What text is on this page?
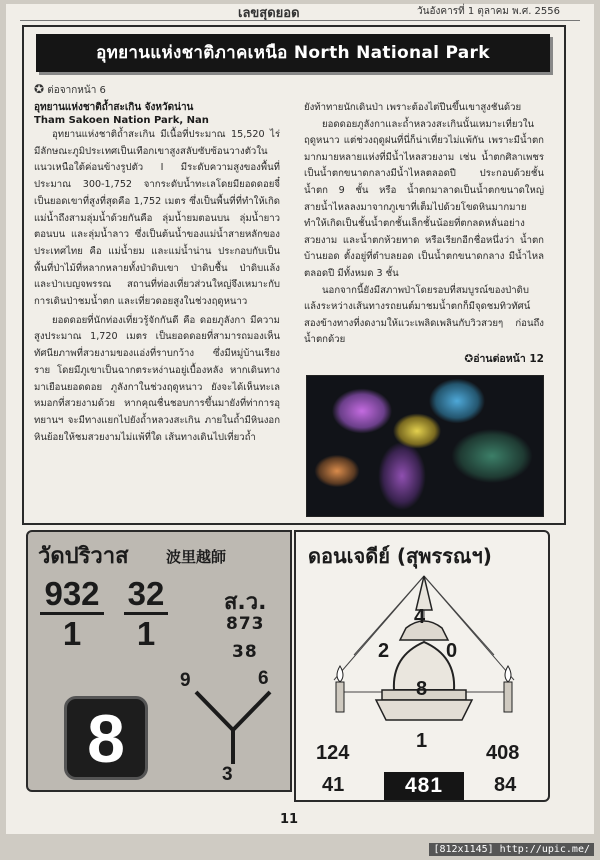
เลขสุดยอด	วันอังคารที่ 1 ตุลาคม พ.ศ. 2556
อุทยานแห่งชาติภาคเหนือ North National Park
✪ ต่อจากหน้า 6
อุทยานแห่งชาติถ้ำสะเกิน จังหวัดน่าน
Tham Sakoen Nation Park, Nan

อุทยานแห่งชาติถ้ำสะเกิน มีเนื้อที่ประมาณ 15,520 ไร่ มีลักษณะภูมิประเทศเป็นเทือกเขาสูงสลับซับซ้อนวางตัวในแนวเหนือใต้ค่อนข้างรูปตัว I มีระดับความสูงของพื้นที่ประมาณ 300-1,752 จากระดับน้ำทะเลโดยมียอดดอยจี๋ เป็นยอดเขาที่สูงที่สุดคือ 1,752 เมตร ซึ่งเป็นพื้นที่ที่ทำให้เกิดแม่น้ำถึงสามลุ่มน้ำด้วยกันคือ ลุ่มน้ำยมตอนบน ลุ่มน้ำยาวตอนบน และลุ่มน้ำลาว ซึ่งเป็นต้นน้ำของแม่น้ำสายหลักของประเทศไทย คือ แม่น้ำยม และแม่น้ำน่าน ประกอบกับเป็นพื้นที่ป่าไม้ที่หลากหลายทั้งป่าดิบเขา ป่าดิบชื้น ป่าดิบแล้ง และป่าเบญจพรรณ สถานที่ท่องเที่ยวส่วนใหญ่จึงเหมาะกับการเดินป่าชมน้ำตก และเที่ยวดอยสูงในช่วงฤดูหนาว

ยอดดอยที่นักท่องเที่ยวรู้จักกันดี คือ ดอยภูลังกา มีความสูงประมาณ 1,720 เมตร เป็นยอดดอยที่สามารถมองเห็นทัศนียภาพที่สวยงามของแอ่งที่ราบกว้าง ซึ่งมีหมู่บ้านเรียงราย โดยมีภูเขาเป็นฉากตระหง่านอยู่เบื้องหลัง หากเดินทางมาเยือนยอดดอย ภูลังกาในช่วงฤดูหนาว ยังจะได้เห็นทะเลหมอกที่สวยงามด้วย หากคุณชื่นชอบการขึ้นมายังที่ท่าการอุทยานฯ จะมีทางแยกไปยังถ้ำหลวงสะเกิน ภายในถ้ำมีหินงอกหินย้อยให้ชมสวยงามไม่แพ้ที่ใด เส้นทางเดินไปเที่ยวถ้ำ

ยังท้าทายนักเดินป่า เพราะต้องไต่ปีนขึ้นเขาสูงชันด้วย

ยอดดอยภูลังกาและถ้ำหลวงสะเกินนั้นเหมาะเที่ยวในฤดูหนาว แต่ช่วงฤดูฝนที่นี่ก็น่าเที่ยวไม่แพ้กัน เพราะมีน้ำตกมากมายหลายแห่งที่มีน้ำไหลสวยงาม เช่น น้ำตกศิลาเพชร เป็นน้ำตกขนาดกลางมีน้ำไหลตลอดปี ประกอบด้วยชั้นน้ำตก 9 ชั้น หรือ น้ำตกมาลาดเป็นน้ำตกขนาดใหญ่ สายน้ำไหลลงมาจากภูเขาที่เต็มไปด้วยโขดหินมากมายทำให้เกิดเป็นชั้นน้ำตกชั้นเล็กชั้นน้อยที่ตกลดหลั่นอย่างสวยงาม และน้ำตกห้วยทาด หรือเรียกอีกชื่อหนึ่งว่า น้ำตกบ้านยอด ตั้งอยู่ที่ตำบลยอด เป็นน้ำตกขนาดกลาง มีน้ำไหลตลอดปี มีทั้งหมด 3 ชั้น

นอกจากนี้ยังมีสภาพป่าโดยรอบที่สมบูรณ์ของป่าดิบแล้งระหว่างเส้นทางรถยนต์มาชมน้ำตกก็มีจุดชมทิวทัศน์สองข้างทางที่งดงามให้แวะเพลิดเพลินกับวิวสวยๆ ก่อนถึงน้ำตกด้วย

✪อ่านต่อหน้า 12
วัดปริวาส 波里越師
932
1
32
1
ส.ว.
873
38
8
9	6
3
ดอนเจดีย์ (สุพรรณฯ)
4
2	0
8
1
124	408
41	481	84
11
[812x1145] http://upic.me/
